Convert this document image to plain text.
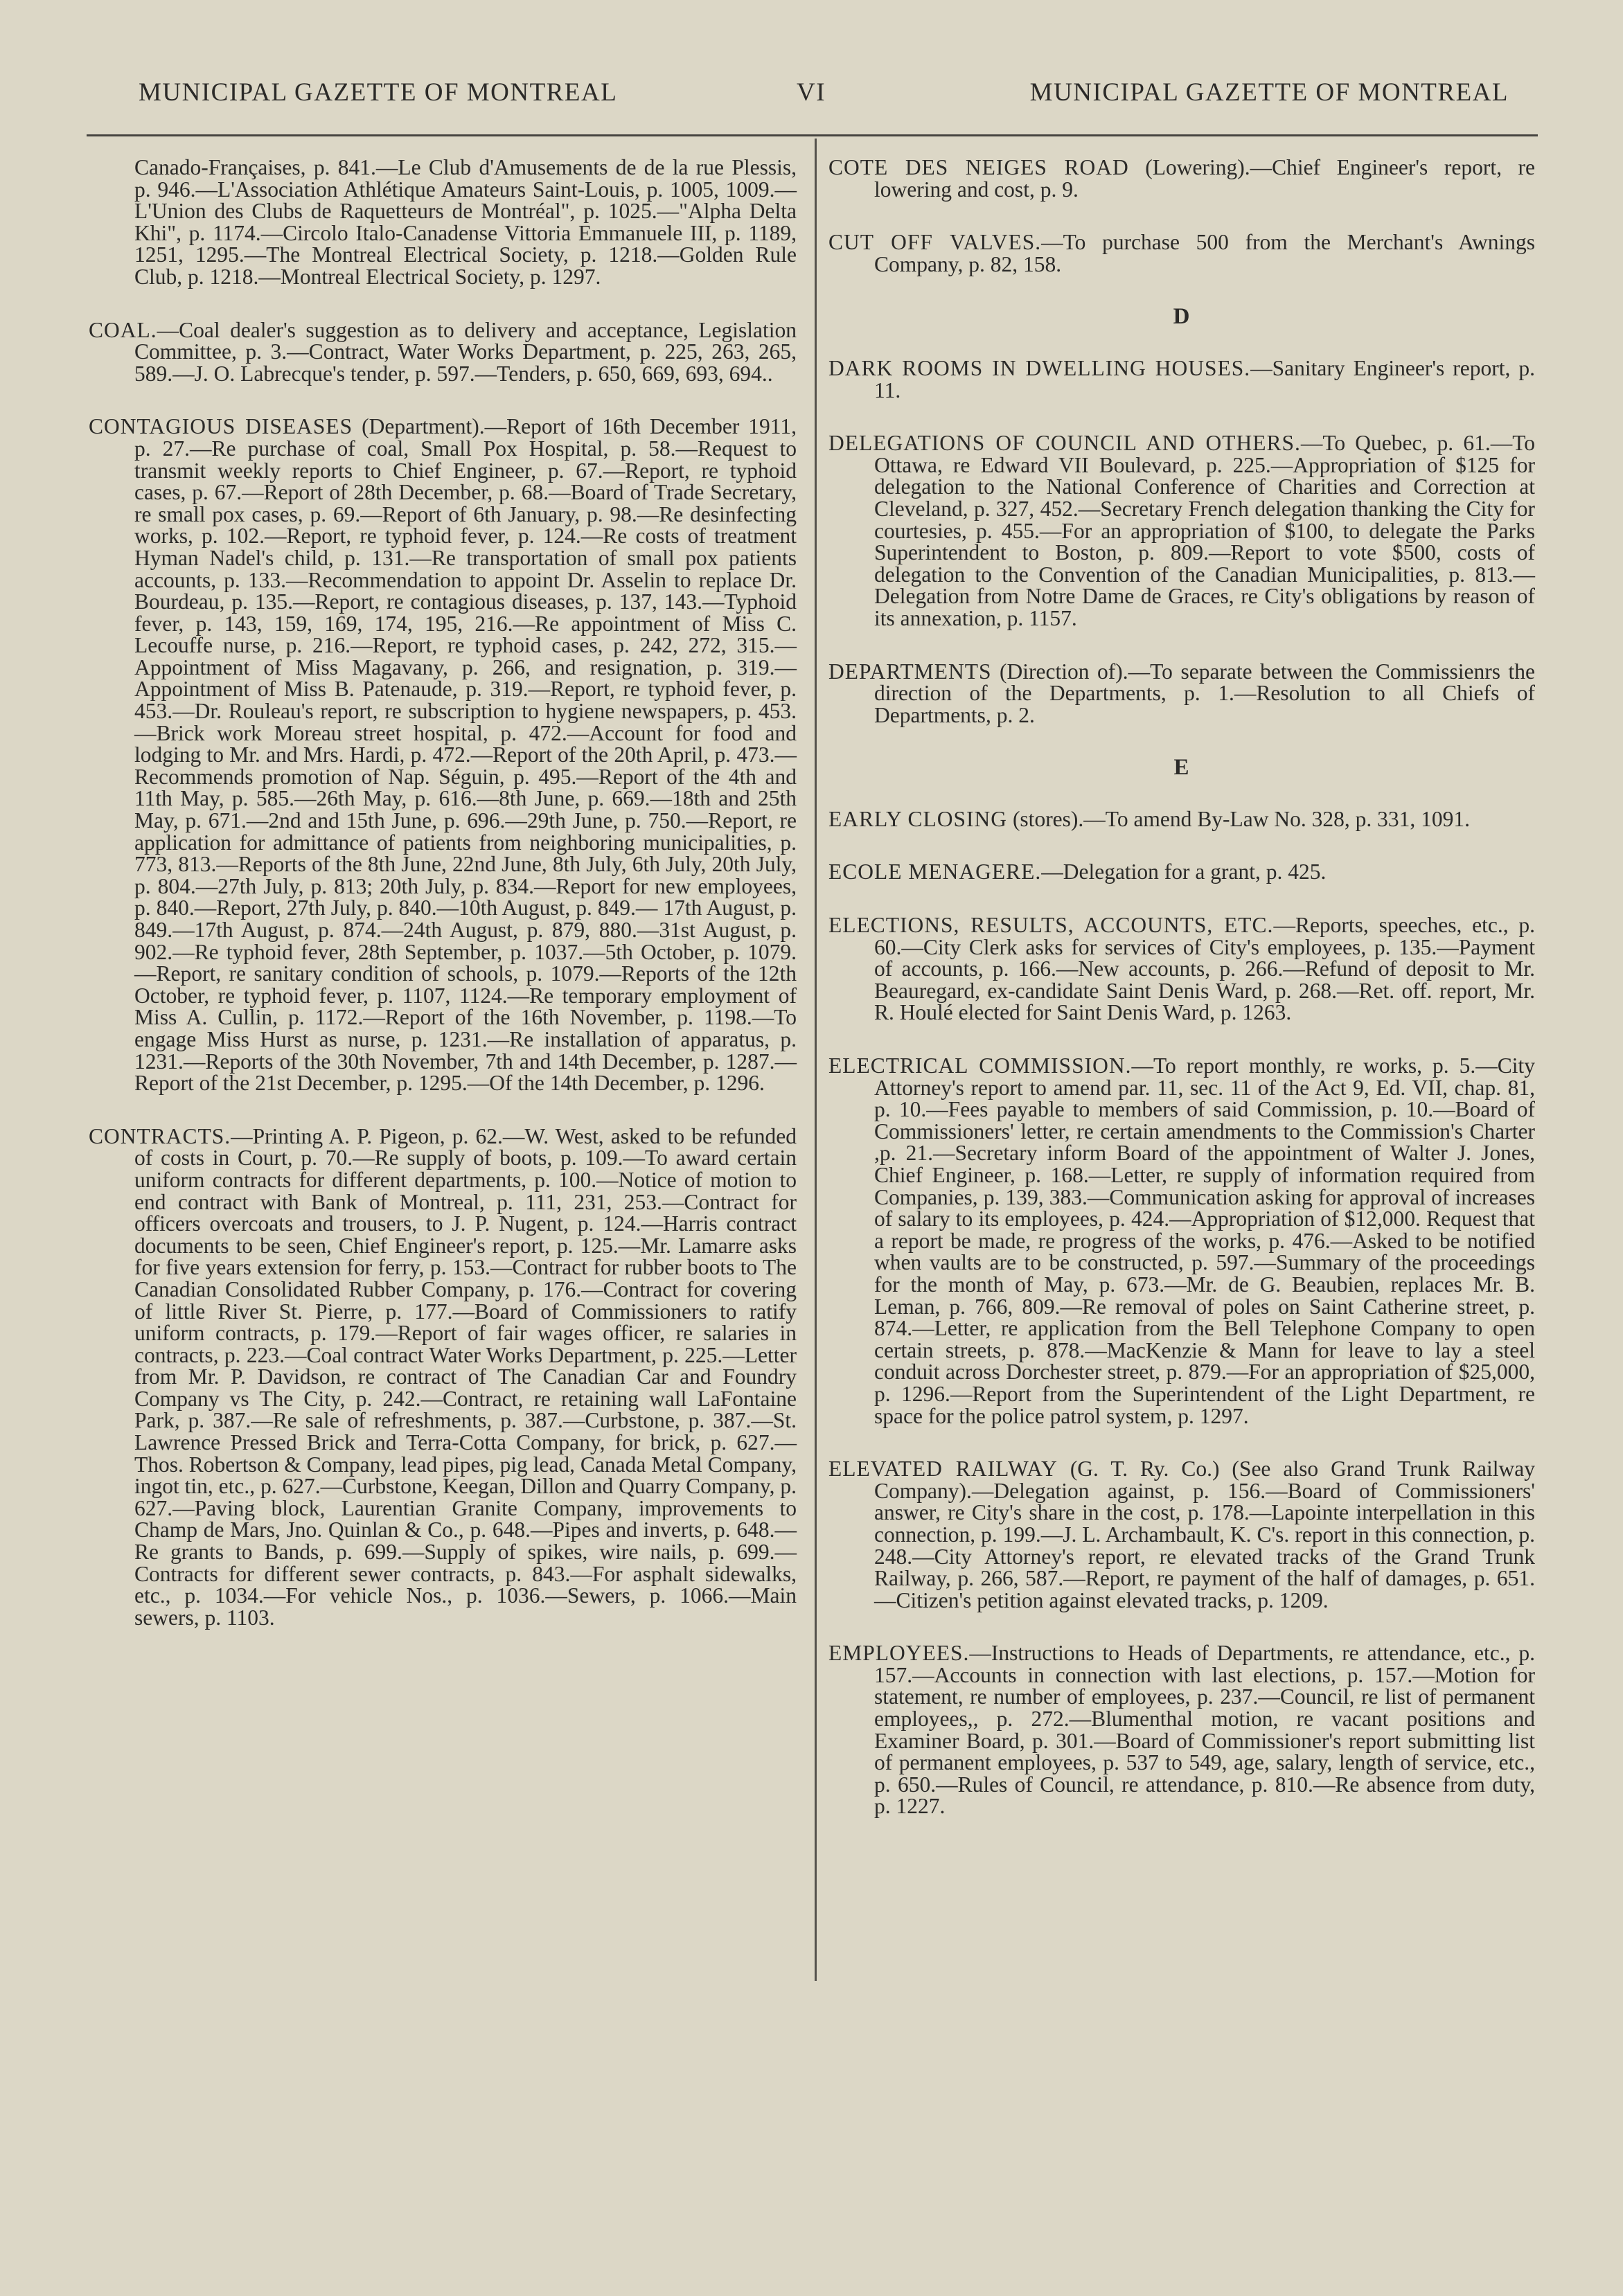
MUNICIPAL GAZETTE OF MONTREAL	VI	MUNICIPAL GAZETTE OF MONTREAL

Canado-Françaises, p. 841.—Le Club d'Amusements de de la rue Plessis, p. 946.—L'Association Athlétique Amateurs Saint-Louis, p. 1005, 1009.—L'Union des Clubs de Raquetteurs de Montréal", p. 1025.—"Alpha Delta Khi", p. 1174.—Circolo Italo-Canadense Vittoria Emmanuele III, p. 1189, 1251, 1295.—The Montreal Electrical Society, p. 1218.—Golden Rule Club, p. 1218.—Montreal Electrical Society, p. 1297.

COAL.—Coal dealer's suggestion as to delivery and acceptance, Legislation Committee, p. 3.—Contract, Water Works Department, p. 225, 263, 265, 589.—J. O. Labrecque's tender, p. 597.—Tenders, p. 650, 669, 693, 694..

CONTAGIOUS DISEASES (Department).—Report of 16th December 1911, p. 27.—Re purchase of coal, Small Pox Hospital, p. 58.—Request to transmit weekly reports to Chief Engineer, p. 67.—Report, re typhoid cases, p. 67.—Report of 28th December, p. 68.—Board of Trade Secretary, re small pox cases, p. 69.—Report of 6th January, p. 98.—Re desinfecting works, p. 102.—Report, re typhoid fever, p. 124.—Re costs of treatment Hyman Nadel's child, p. 131.—Re transportation of small pox patients accounts, p. 133.—Recommendation to appoint Dr. Asselin to replace Dr. Bourdeau, p. 135.—Report, re contagious diseases, p. 137, 143.—Typhoid fever, p. 143, 159, 169, 174, 195, 216.—Re appointment of Miss C. Lecouffe nurse, p. 216.—Report, re typhoid cases, p. 242, 272, 315.—Appointment of Miss Magavany, p. 266, and resignation, p. 319.—Appointment of Miss B. Patenaude, p. 319.—Report, re typhoid fever, p. 453.—Dr. Rouleau's report, re subscription to hygiene newspapers, p. 453.—Brick work Moreau street hospital, p. 472.—Account for food and lodging to Mr. and Mrs. Hardi, p. 472.—Report of the 20th April, p. 473.—Recommends promotion of Nap. Séguin, p. 495.—Report of the 4th and 11th May, p. 585.—26th May, p. 616.—8th June, p. 669.—18th and 25th May, p. 671.—2nd and 15th June, p. 696.—29th June, p. 750.—Report, re application for admittance of patients from neighboring municipalities, p. 773, 813.—Reports of the 8th June, 22nd June, 8th July, 6th July, 20th July, p. 804.—27th July, p. 813; 20th July, p. 834.—Report for new employees, p. 840.—Report, 27th July, p. 840.—10th August, p. 849.— 17th August, p. 849.—17th August, p. 874.—24th August, p. 879, 880.—31st August, p. 902.—Re typhoid fever, 28th September, p. 1037.—5th October, p. 1079.—Report, re sanitary condition of schools, p. 1079.—Reports of the 12th October, re typhoid fever, p. 1107, 1124.—Re temporary employment of Miss A. Cullin, p. 1172.—Report of the 16th November, p. 1198.—To engage Miss Hurst as nurse, p. 1231.—Re installation of apparatus, p. 1231.—Reports of the 30th November, 7th and 14th December, p. 1287.—Report of the 21st December, p. 1295.—Of the 14th December, p. 1296.

CONTRACTS.—Printing A. P. Pigeon, p. 62.—W. West, asked to be refunded of costs in Court, p. 70.—Re supply of boots, p. 109.—To award certain uniform contracts for different departments, p. 100.—Notice of motion to end contract with Bank of Montreal, p. 111, 231, 253.—Contract for officers overcoats and trousers, to J. P. Nugent, p. 124.—Harris contract documents to be seen, Chief Engineer's report, p. 125.—Mr. Lamarre asks for five years extension for ferry, p. 153.—Contract for rubber boots to The Canadian Consolidated Rubber Company, p. 176.—Contract for covering of little River St. Pierre, p. 177.—Board of Commissioners to ratify uniform contracts, p. 179.—Report of fair wages officer, re salaries in contracts, p. 223.—Coal contract Water Works Department, p. 225.—Letter from Mr. P. Davidson, re contract of The Canadian Car and Foundry Company vs The City, p. 242.—Contract, re retaining wall LaFontaine Park, p. 387.—Re sale of refreshments, p. 387.—Curbstone, p. 387.—St. Lawrence Pressed Brick and Terra-Cotta Company, for brick, p. 627.—Thos. Robertson & Company, lead pipes, pig lead, Canada Metal Company, ingot tin, etc., p. 627.—Curbstone, Keegan, Dillon and Quarry Company, p. 627.—Paving block, Laurentian Granite Company, improvements to Champ de Mars, Jno. Quinlan & Co., p. 648.—Pipes and inverts, p. 648.—Re grants to Bands, p. 699.—Supply of spikes, wire nails, p. 699.—Contracts for different sewer contracts, p. 843.—For asphalt sidewalks, etc., p. 1034.—For vehicle Nos., p. 1036.—Sewers, p. 1066.—Main sewers, p. 1103.

COTE DES NEIGES ROAD (Lowering).—Chief Engineer's report, re lowering and cost, p. 9.

CUT OFF VALVES.—To purchase 500 from the Merchant's Awnings Company, p. 82, 158.

D

DARK ROOMS IN DWELLING HOUSES.—Sanitary Engineer's report, p. 11.

DELEGATIONS OF COUNCIL AND OTHERS.—To Quebec, p. 61.—To Ottawa, re Edward VII Boulevard, p. 225.—Appropriation of $125 for delegation to the National Conference of Charities and Correction at Cleveland, p. 327, 452.—Secretary French delegation thanking the City for courtesies, p. 455.—For an appropriation of $100, to delegate the Parks Superintendent to Boston, p. 809.—Report to vote $500, costs of delegation to the Convention of the Canadian Municipalities, p. 813.—Delegation from Notre Dame de Graces, re City's obligations by reason of its annexation, p. 1157.

DEPARTMENTS (Direction of).—To separate between the Commissienrs the direction of the Departments, p. 1.—Resolution to all Chiefs of Departments, p. 2.

E

EARLY CLOSING (stores).—To amend By-Law No. 328, p. 331, 1091.

ECOLE MENAGERE.—Delegation for a grant, p. 425.

ELECTIONS, RESULTS, ACCOUNTS, ETC.—Reports, speeches, etc., p. 60.—City Clerk asks for services of City's employees, p. 135.—Payment of accounts, p. 166.—New accounts, p. 266.—Refund of deposit to Mr. Beauregard, ex-candidate Saint Denis Ward, p. 268.—Ret. off. report, Mr. R. Houlé elected for Saint Denis Ward, p. 1263.

ELECTRICAL COMMISSION.—To report monthly, re works, p. 5.—City Attorney's report to amend par. 11, sec. 11 of the Act 9, Ed. VII, chap. 81, p. 10.—Fees payable to members of said Commission, p. 10.—Board of Commissioners' letter, re certain amendments to the Commission's Charter ,p. 21.—Secretary inform Board of the appointment of Walter J. Jones, Chief Engineer, p. 168.—Letter, re supply of information required from Companies, p. 139, 383.—Communication asking for approval of increases of salary to its employees, p. 424.—Appropriation of $12,000. Request that a report be made, re progress of the works, p. 476.—Asked to be notified when vaults are to be constructed, p. 597.—Summary of the proceedings for the month of May, p. 673.—Mr. de G. Beaubien, replaces Mr. B. Leman, p. 766, 809.—Re removal of poles on Saint Catherine street, p. 874.—Letter, re application from the Bell Telephone Company to open certain streets, p. 878.—MacKenzie & Mann for leave to lay a steel conduit across Dorchester street, p. 879.—For an appropriation of $25,000, p. 1296.—Report from the Superintendent of the Light Department, re space for the police patrol system, p. 1297.

ELEVATED RAILWAY (G. T. Ry. Co.) (See also Grand Trunk Railway Company).—Delegation against, p. 156.—Board of Commissioners' answer, re City's share in the cost, p. 178.—Lapointe interpellation in this connection, p. 199.—J. L. Archambault, K. C's. report in this connection, p. 248.—City Attorney's report, re elevated tracks of the Grand Trunk Railway, p. 266, 587.—Report, re payment of the half of damages, p. 651.—Citizen's petition against elevated tracks, p. 1209.

EMPLOYEES.—Instructions to Heads of Departments, re attendance, etc., p. 157.—Accounts in connection with last elections, p. 157.—Motion for statement, re number of employees, p. 237.—Council, re list of permanent employees,, p. 272.—Blumenthal motion, re vacant positions and Examiner Board, p. 301.—Board of Commissioner's report submitting list of permanent employees, p. 537 to 549, age, salary, length of service, etc., p. 650.—Rules of Council, re attendance, p. 810.—Re absence from duty, p. 1227.
